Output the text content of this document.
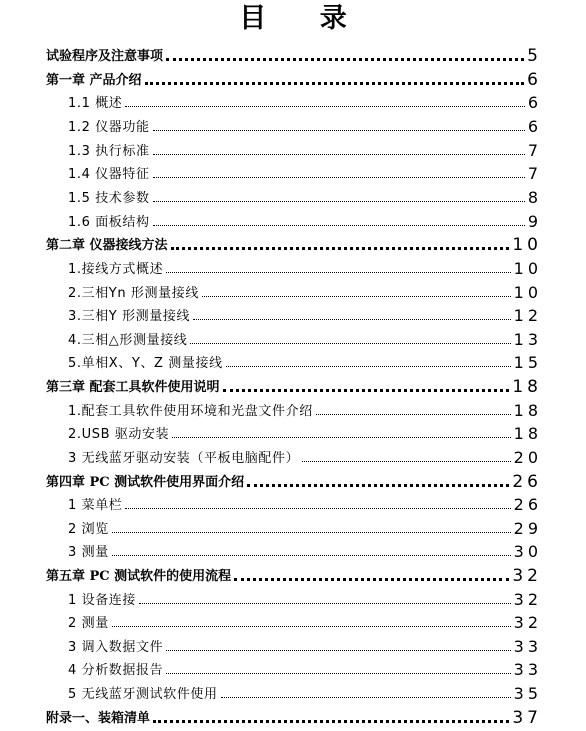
目 录
试验程序及注意事项	5
第一章 产品介绍	6
1.1 概述	6
1.2 仪器功能	6
1.3 执行标准	7
1.4 仪器特征	7
1.5 技术参数	8
1.6 面板结构	9
第二章 仪器接线方法	10
1.接线方式概述	10
2.三相Yn 形测量接线	10
3.三相Y 形测量接线	12
4.三相△形测量接线	13
5.单相X、Y、Z 测量接线	15
第三章 配套工具软件使用说明	18
1.配套工具软件使用环境和光盘文件介绍	18
2.USB 驱动安装	18
3 无线蓝牙驱动安装（平板电脑配件）	20
第四章 PC 测试软件使用界面介绍	26
1 菜单栏	26
2 浏览	29
3 测量	30
第五章 PC 测试软件的使用流程	32
1 设备连接	32
2 测量	32
3 调入数据文件	33
4 分析数据报告	33
5 无线蓝牙测试软件使用	35
附录一、装箱清单	37
